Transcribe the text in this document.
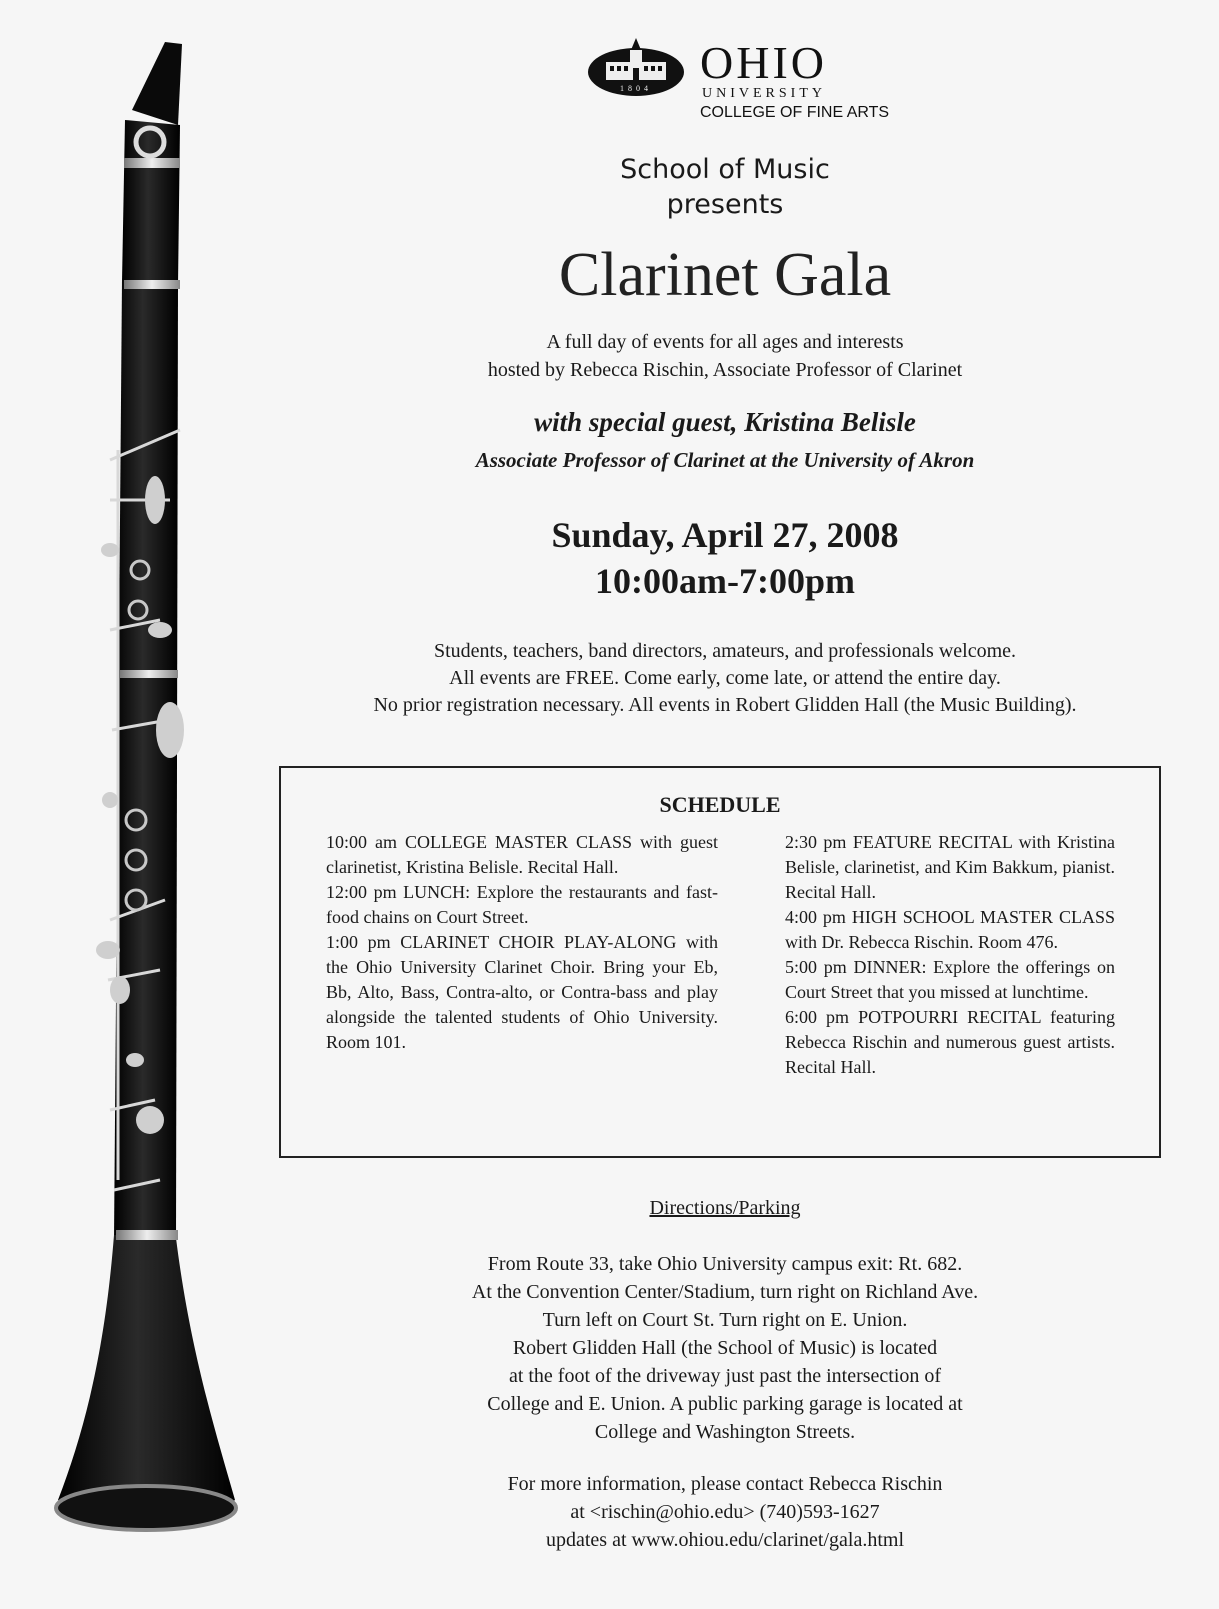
1804
OHIO
UNIVERSITY
COLLEGE OF FINE ARTS
School of Music
presents
Clarinet Gala
A full day of events for all ages and interests
hosted by Rebecca Rischin, Associate Professor of Clarinet
with special guest, Kristina Belisle
Associate Professor of Clarinet at the University of Akron
Sunday, April 27, 2008
10:00am-7:00pm
Students, teachers, band directors, amateurs, and professionals welcome.
All events are FREE. Come early, come late, or attend the entire day.
No prior registration necessary. All events in Robert Glidden Hall (the Music Building).
SCHEDULE

10:00 am COLLEGE MASTER CLASS with guest clarinetist, Kristina Belisle. Recital Hall.

12:00 pm LUNCH: Explore the restaurants and fast-food chains on Court Street.

1:00 pm CLARINET CHOIR PLAY-ALONG with the Ohio University Clarinet Choir. Bring your Eb, Bb, Alto, Bass, Contra-alto, or Contra-bass and play alongside the talented students of Ohio University. Room 101.

2:30 pm FEATURE RECITAL with Kristina Belisle, clarinetist, and Kim Bakkum, pianist. Recital Hall.

4:00 pm HIGH SCHOOL MASTER CLASS with Dr. Rebecca Rischin. Room 476.

5:00 pm DINNER: Explore the offerings on Court Street that you missed at lunchtime.

6:00 pm POTPOURRI RECITAL featuring Rebecca Rischin and numerous guest artists. Recital Hall.

Directions/Parking
From Route 33, take Ohio University campus exit: Rt. 682.
At the Convention Center/Stadium, turn right on Richland Ave.
Turn left on Court St. Turn right on E. Union.
Robert Glidden Hall (the School of Music) is located
at the foot of the driveway just past the intersection of
College and E. Union. A public parking garage is located at
College and Washington Streets.
For more information, please contact Rebecca Rischin
at <rischin@ohio.edu> (740)593-1627
updates at www.ohiou.edu/clarinet/gala.html
